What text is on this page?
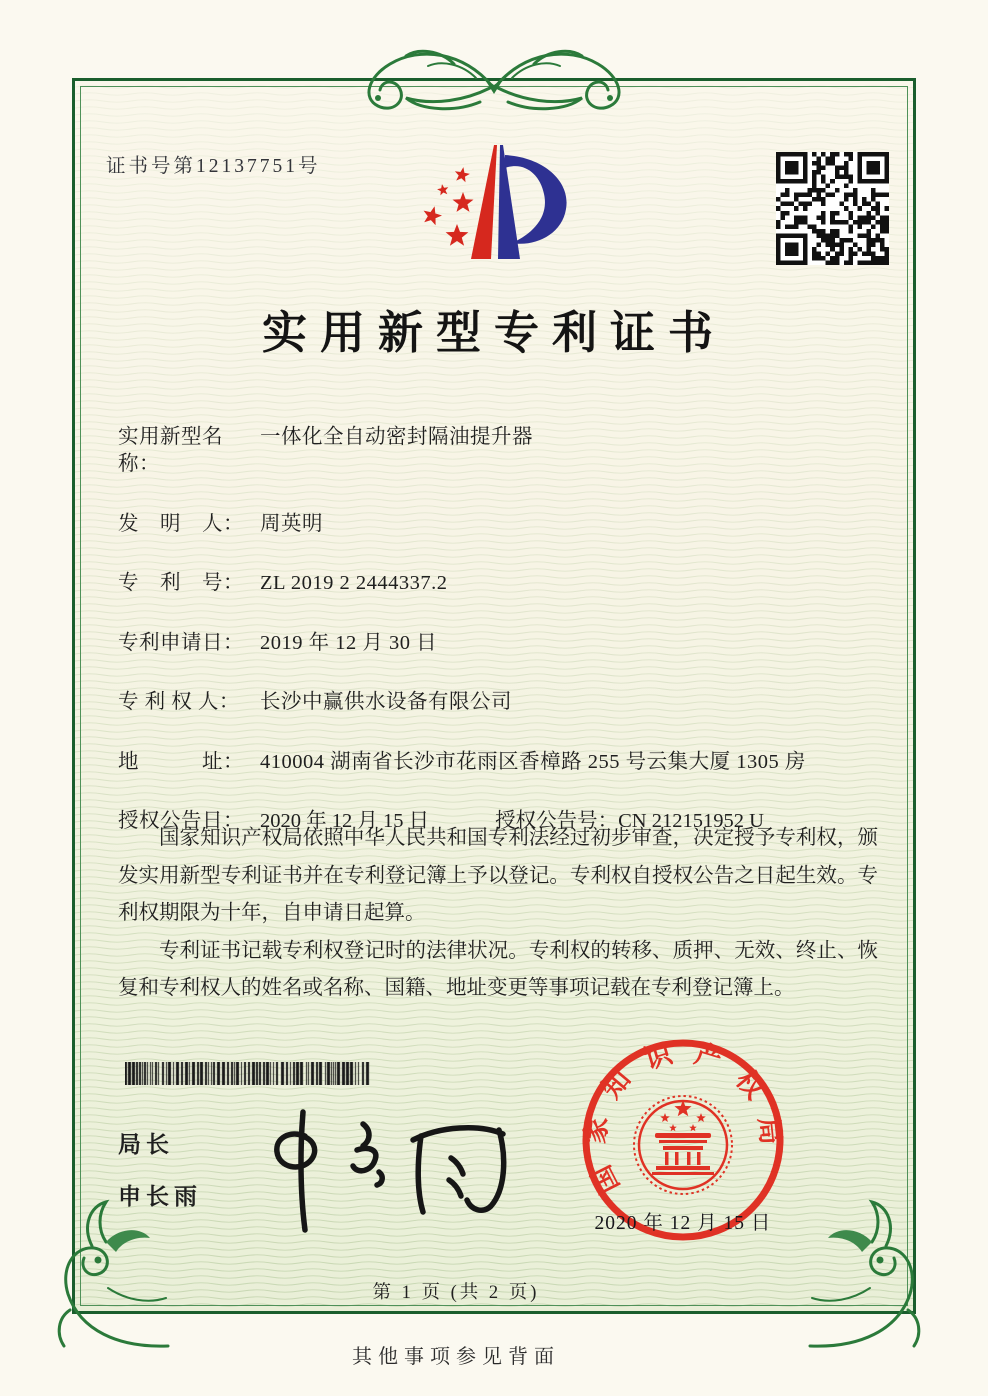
证书号第12137751号
实用新型专利证书
实用新型名称：
一体化全自动密封隔油提升器
发　明　人： 周英明
专　利　号： ZL 2019 2 2444337.2
专利申请日： 2019 年 12 月 30 日
专 利 权 人： 长沙中赢供水设备有限公司
地　　　址： 410004 湖南省长沙市花雨区香樟路 255 号云集大厦 1305 房
授权公告日： 2020 年 12 月 15 日	授权公告号： CN 212151952 U

国家知识产权局依照中华人民共和国专利法经过初步审查，决定授予专利权，颁发实用新型专利证书并在专利登记簿上予以登记。专利权自授权公告之日起生效。专利权期限为十年，自申请日起算。

专利证书记载专利权登记时的法律状况。专利权的转移、质押、无效、终止、恢复和专利权人的姓名或名称、国籍、地址变更等事项记载在专利登记簿上。

局长
申长雨	国
家
知
识 产
权
局
2020 年 12 月 15 日
第 1 页 (共 2 页)
其他事项参见背面
